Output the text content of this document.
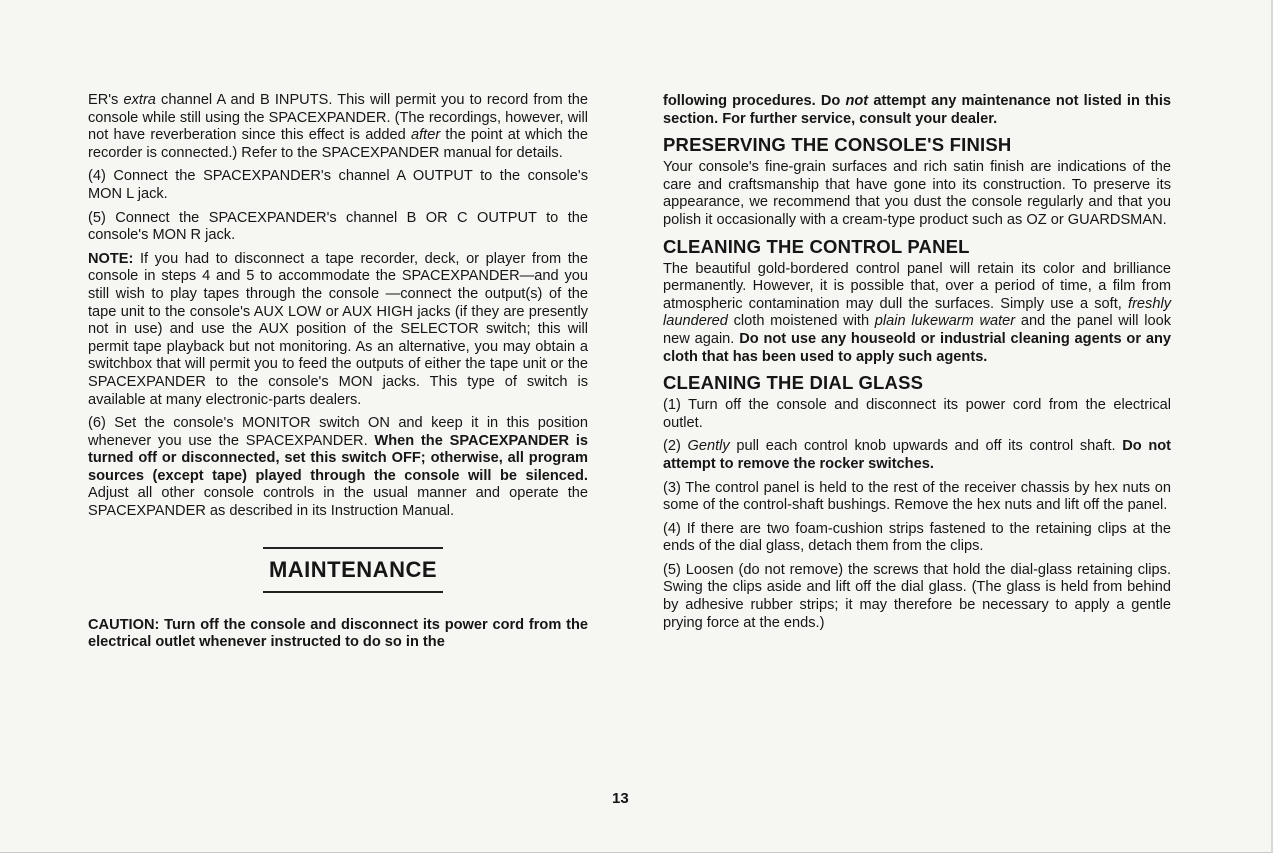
ER's extra channel A and B INPUTS. This will permit you to record from the console while still using the SPACEXPANDER. (The recordings, however, will not have reverberation since this effect is added after the point at which the recorder is connected.) Refer to the SPACEXPANDER manual for details.

(4) Connect the SPACEXPANDER's channel A OUTPUT to the console's MON L jack.

(5) Connect the SPACEXPANDER's channel B OR C OUTPUT to the console's MON R jack.

NOTE: If you had to disconnect a tape recorder, deck, or player from the console in steps 4 and 5 to accommodate the SPACEXPANDER—and you still wish to play tapes through the console —connect the output(s) of the tape unit to the console's AUX LOW or AUX HIGH jacks (if they are presently not in use) and use the AUX position of the SELECTOR switch; this will permit tape playback but not monitoring. As an alternative, you may obtain a switchbox that will permit you to feed the outputs of either the tape unit or the SPACEXPANDER to the console's MON jacks. This type of switch is available at many electronic-parts dealers.

(6) Set the console's MONITOR switch ON and keep it in this position whenever you use the SPACEXPANDER. When the SPACEXPANDER is turned off or disconnected, set this switch OFF; otherwise, all program sources (except tape) played through the console will be silenced. Adjust all other console controls in the usual manner and operate the SPACEXPANDER as described in its Instruction Manual.

MAINTENANCE

CAUTION: Turn off the console and disconnect its power cord from the electrical outlet whenever instructed to do so in the

following procedures. Do not attempt any maintenance not listed in this section. For further service, consult your dealer.

PRESERVING THE CONSOLE'S FINISH

Your console's fine-grain surfaces and rich satin finish are indications of the care and craftsmanship that have gone into its construction. To preserve its appearance, we recommend that you dust the console regularly and that you polish it occasionally with a cream-type product such as OZ or GUARDSMAN.

CLEANING THE CONTROL PANEL

The beautiful gold-bordered control panel will retain its color and brilliance permanently. However, it is possible that, over a period of time, a film from atmospheric contamination may dull the surfaces. Simply use a soft, freshly laundered cloth moistened with plain lukewarm water and the panel will look new again. Do not use any houseold or industrial cleaning agents or any cloth that has been used to apply such agents.

CLEANING THE DIAL GLASS

(1) Turn off the console and disconnect its power cord from the electrical outlet.

(2) Gently pull each control knob upwards and off its control shaft. Do not attempt to remove the rocker switches.

(3) The control panel is held to the rest of the receiver chassis by hex nuts on some of the control-shaft bushings. Remove the hex nuts and lift off the panel.

(4) If there are two foam-cushion strips fastened to the retaining clips at the ends of the dial glass, detach them from the clips.

(5) Loosen (do not remove) the screws that hold the dial-glass retaining clips. Swing the clips aside and lift off the dial glass. (The glass is held from behind by adhesive rubber strips; it may therefore be necessary to apply a gentle prying force at the ends.)

13
